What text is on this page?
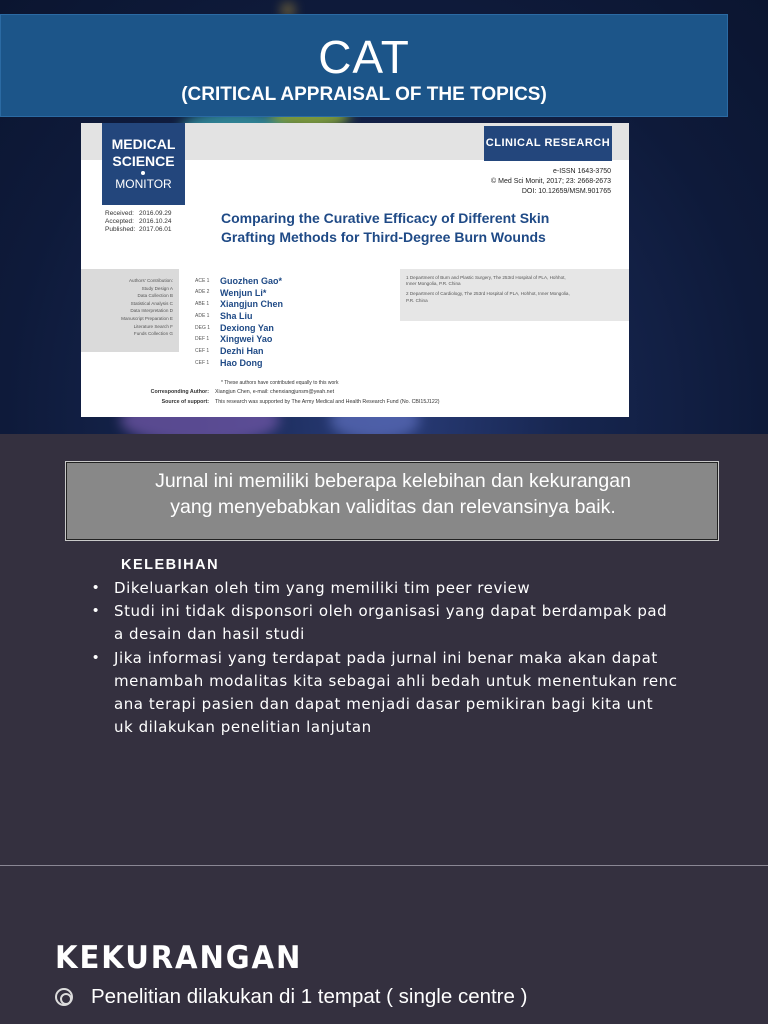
CAT
(CRITICAL APPRAISAL OF THE TOPICS)
MEDICAL
SCIENCE
MONITOR
CLINICAL RESEARCH
e-ISSN 1643-3750
© Med Sci Monit, 2017; 23: 2668-2673
DOI: 10.12659/MSM.901765
Received: 2016.09.29
Accepted: 2016.10.24
Published: 2017.06.01
Comparing the Curative Efficacy of Different Skin Grafting Methods for Third-Degree Burn Wounds
Authors' Contribution:
Study Design A
Data Collection B
Statistical Analysis C
Data Interpretation D
Manuscript Preparation E
Literature Search F
Funds Collection G
ACE 1 Guozhen Gao*
ADE 2 Wenjun Li*
ABE 1 Xiangjun Chen
ADE 1 Sha Liu
DEG 1 Dexiong Yan
DEF 1 Xingwei Yao
CEF 1 Dezhi Han
CEF 1 Hao Dong
1 Department of Burn and Plastic Surgery, The 253rd Hospital of PLA, Hohhot,
Inner Mongolia, P.R. China
2 Department of Cardiology, The 253rd Hospital of PLA, Hohhot, Inner Mongolia,
P.R. China
* These authors have contributed equally to this work
Corresponding Author: Xiangjun Chen, e-mail: chenxiangjunsm@yeah.net
Source of support: This research was supported by The Army Medical and Health Research Fund (No. CBI15J122)
Jurnal ini memiliki beberapa kelebihan dan kekurangan
yang menyebabkan validitas dan relevansinya baik.
KELEBIHAN
• Dikeluarkan oleh tim yang memiliki tim peer review
• Studi ini tidak disponsori oleh organisasi yang dapat berdampak pad
a desain dan hasil studi
• Jika informasi yang terdapat pada jurnal ini benar maka akan dapat
menambah modalitas kita sebagai ahli bedah untuk menentukan renc
ana terapi pasien dan dapat menjadi dasar pemikiran bagi kita unt
uk dilakukan penelitian lanjutan
KEKURANGAN
Penelitian dilakukan di 1 tempat ( single centre )
